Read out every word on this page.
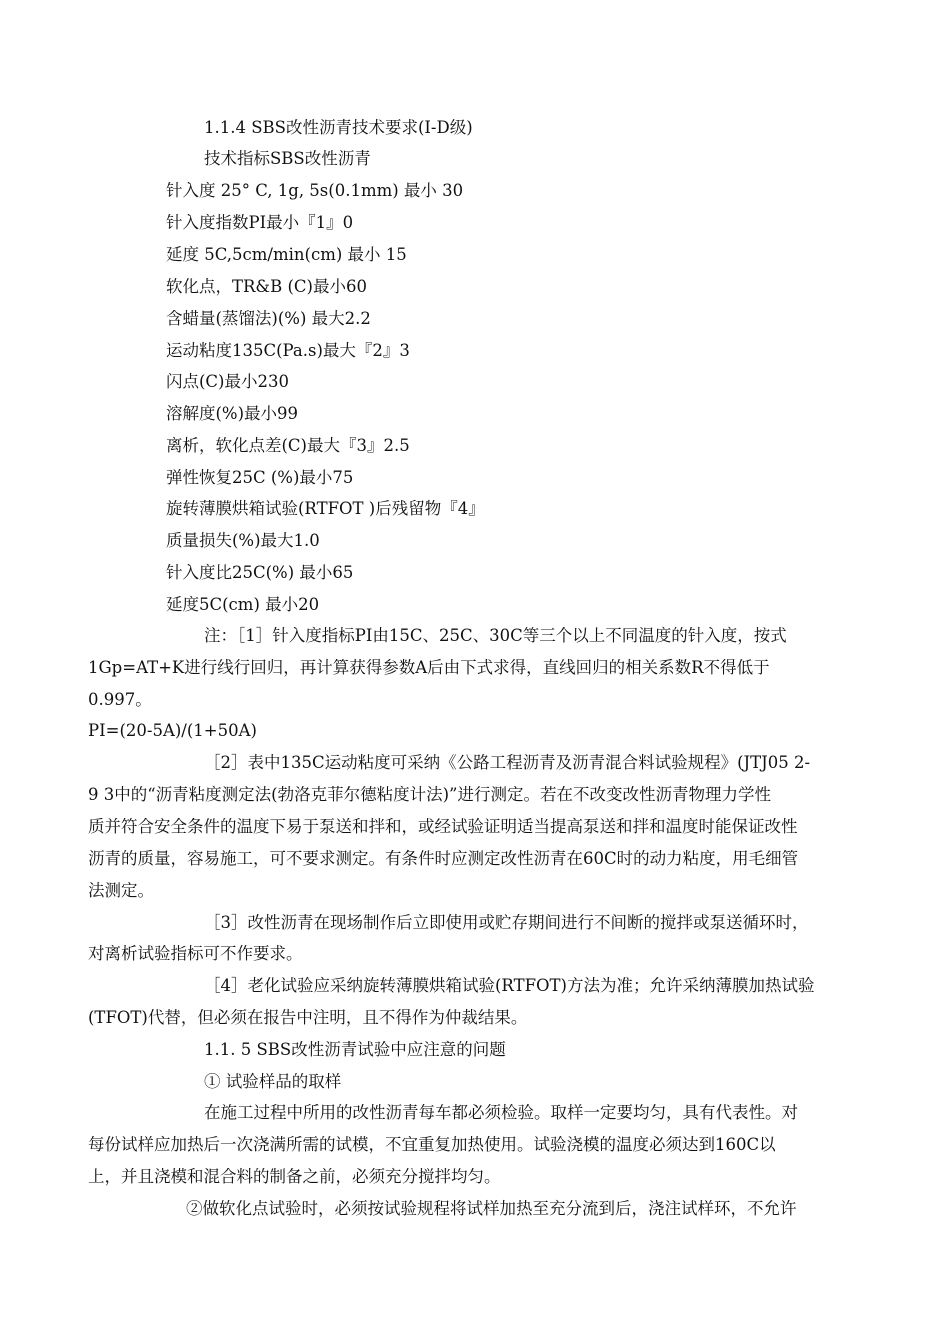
1.1.4 SBS改性沥青技术要求(I-D级)
技术指标SBS改性沥青
针入度 25° C, 1g, 5s(0.1mm) 最小 30
针入度指数PI最小『1』0
延度 5C,5cm/min(cm) 最小 15
软化点，TR&B (C)最小60
含蜡量(蒸馏法)(%) 最大2.2
运动粘度135C(Pa.s)最大『2』3
闪点(C)最小230
溶解度(%)最小99
离析，软化点差(C)最大『3』2.5
弹性恢复25C (%)最小75
旋转薄膜烘箱试验(RTFOT )后残留物『4』
质量损失(%)最大1.0
针入度比25C(%) 最小65
延度5C(cm) 最小20
注：［1］针入度指标PI由15C、25C、30C等三个以上不同温度的针入度，按式
1Gp=AT+K进行线行回归，再计算获得参数A后由下式求得，直线回归的相关系数R不得低于
0.997。
PI=(20-5A)/(1+50A)
［2］表中135C运动粘度可采纳《公路工程沥青及沥青混合料试验规程》(JTJ05 2-
9 3中的“沥青粘度测定法(勃洛克菲尔德粘度计法)”进行测定。若在不改变改性沥青物理力学性
质并符合安全条件的温度下易于泵送和拌和，或经试验证明适当提高泵送和拌和温度时能保证改性
沥青的质量，容易施工，可不要求测定。有条件时应测定改性沥青在60C时的动力粘度，用毛细管
法测定。
［3］改性沥青在现场制作后立即使用或贮存期间进行不间断的搅拌或泵送循环时，
对离析试验指标可不作要求。
［4］老化试验应采纳旋转薄膜烘箱试验(RTFOT)方法为准；允许采纳薄膜加热试验
(TFOT)代替，但必须在报告中注明，且不得作为仲裁结果。
1.1. 5 SBS改性沥青试验中应注意的问题
① 试验样品的取样
在施工过程中所用的改性沥青每车都必须检验。取样一定要均匀，具有代表性。对
每份试样应加热后一次浇满所需的试模，不宜重复加热使用。试验浇模的温度必须达到160C以
上，并且浇模和混合料的制备之前，必须充分搅拌均匀。
②做软化点试验时，必须按试验规程将试样加热至充分流到后，浇注试样环，不允许
